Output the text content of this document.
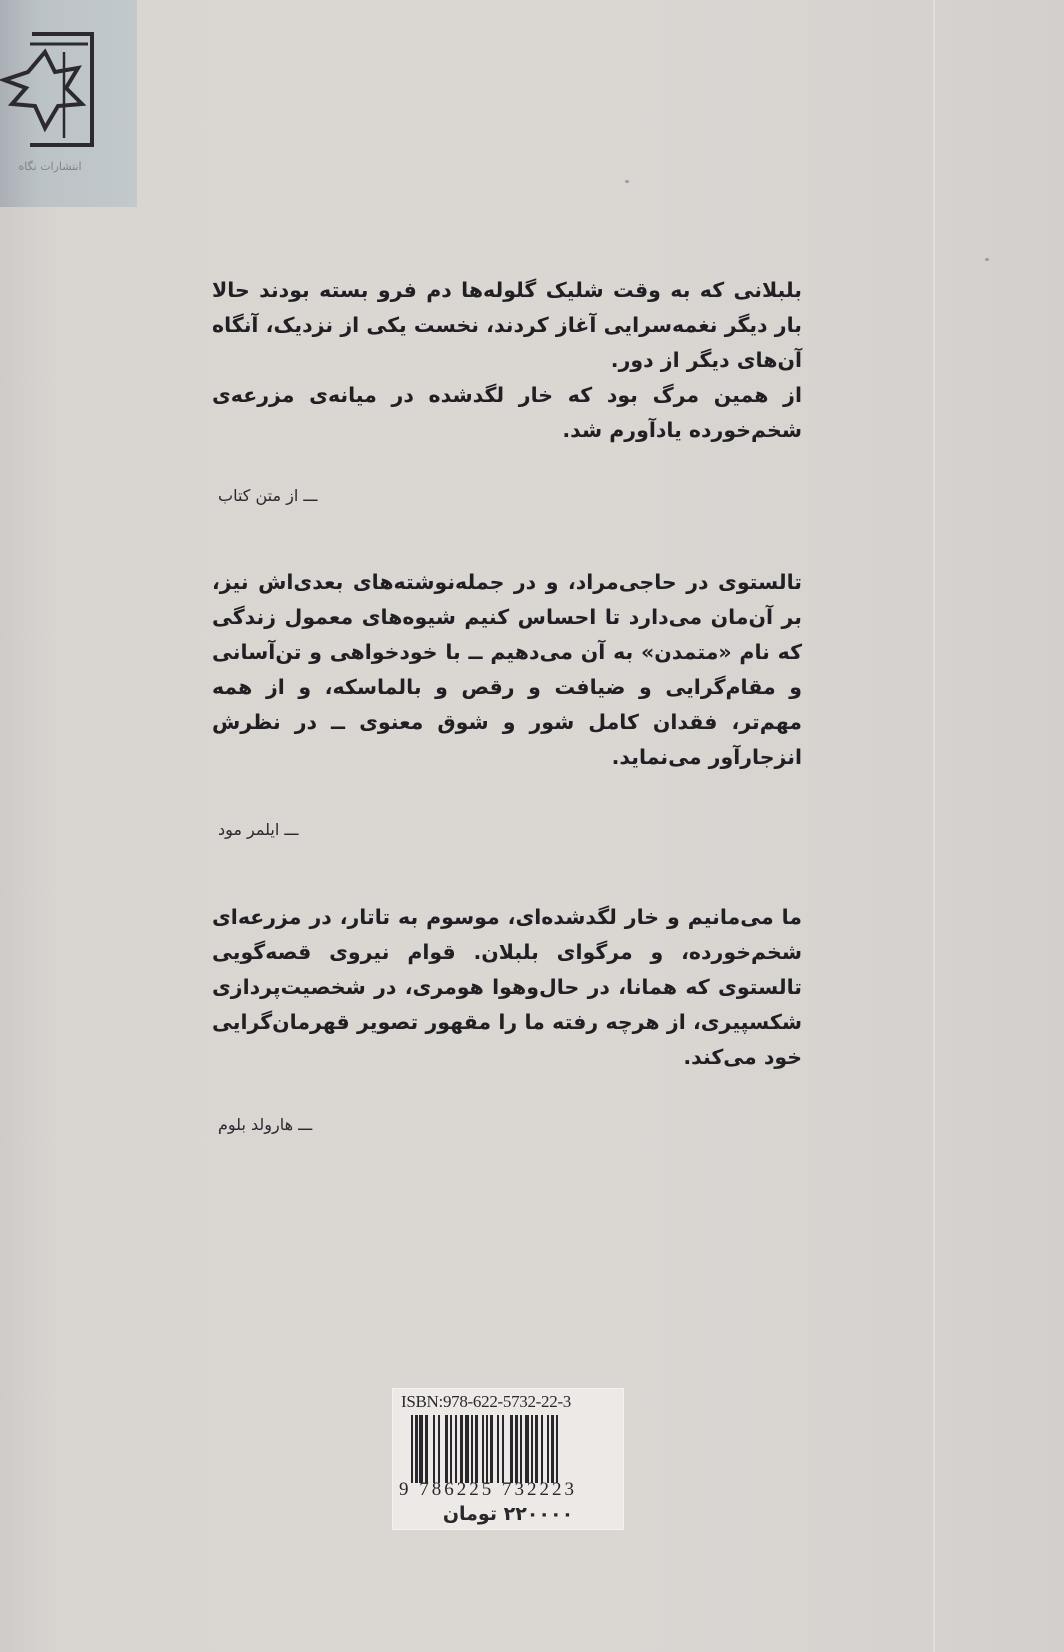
انتشارات نگاه

بلبلانی که به وقت شلیک گلوله‌ها دم فرو بسته بودند حالا بار دیگر نغمه‌سرایی آغاز کردند، نخست یکی از نزدیک، آنگاه آن‌های دیگر از دور.

از همین مرگ بود که خار لگدشده در میانه‌ی مزرعه‌ی شخم‌خورده یادآورم شد.

ـــ از متن کتاب

تالستوی در حاجی‌مراد، و در جمله‌نوشته‌های بعدی‌اش نیز، بر آن‌مان می‌دارد تا احساس کنیم شیوه‌های معمول زندگی که نام «متمدن» به آن می‌دهیم ــ با خودخواهی و تن‌آسانی و مقام‌گرایی و ضیافت و رقص و بالماسکه، و از همه مهم‌تر، فقدان کامل شور و شوق معنوی ــ در نظرش انزجارآور می‌نماید.

ـــ ایلمر مود

ما می‌مانیم و خار لگدشده‌ای، موسوم به تاتار، در مزرعه‌ای شخم‌خورده، و مرگوای بلبلان. قوام نیروی قصه‌گویی تالستوی که همانا، در حال‌وهوا هومری، در شخصیت‌پردازی شکسپیری، از هرچه رفته ما را مقهور تصویر قهرمان‌گرایی خود می‌کند.

ـــ هارولد بلوم
ISBN:978-622-5732-22-3
9 786225 732223
۲۲۰۰۰۰ تومان
